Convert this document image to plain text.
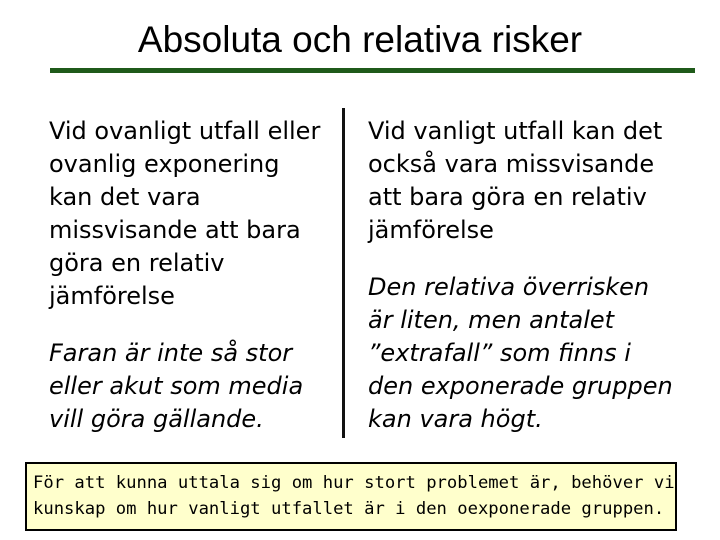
Absoluta och relativa risker

Vid ovanligt utfall eller

ovanlig exponering

kan det vara

missvisande att bara

göra en relativ

jämförelse

Faran är inte så stor

eller akut som media

vill göra gällande.

Vid vanligt utfall kan det

också vara missvisande

att bara göra en relativ

jämförelse

Den relativa överrisken

är liten, men antalet

”extrafall” som finns i

den exponerade gruppen

kan vara högt.

För att kunna uttala sig om hur stort problemet är, behöver vi

kunskap om hur vanligt utfallet är i den oexponerade gruppen.
